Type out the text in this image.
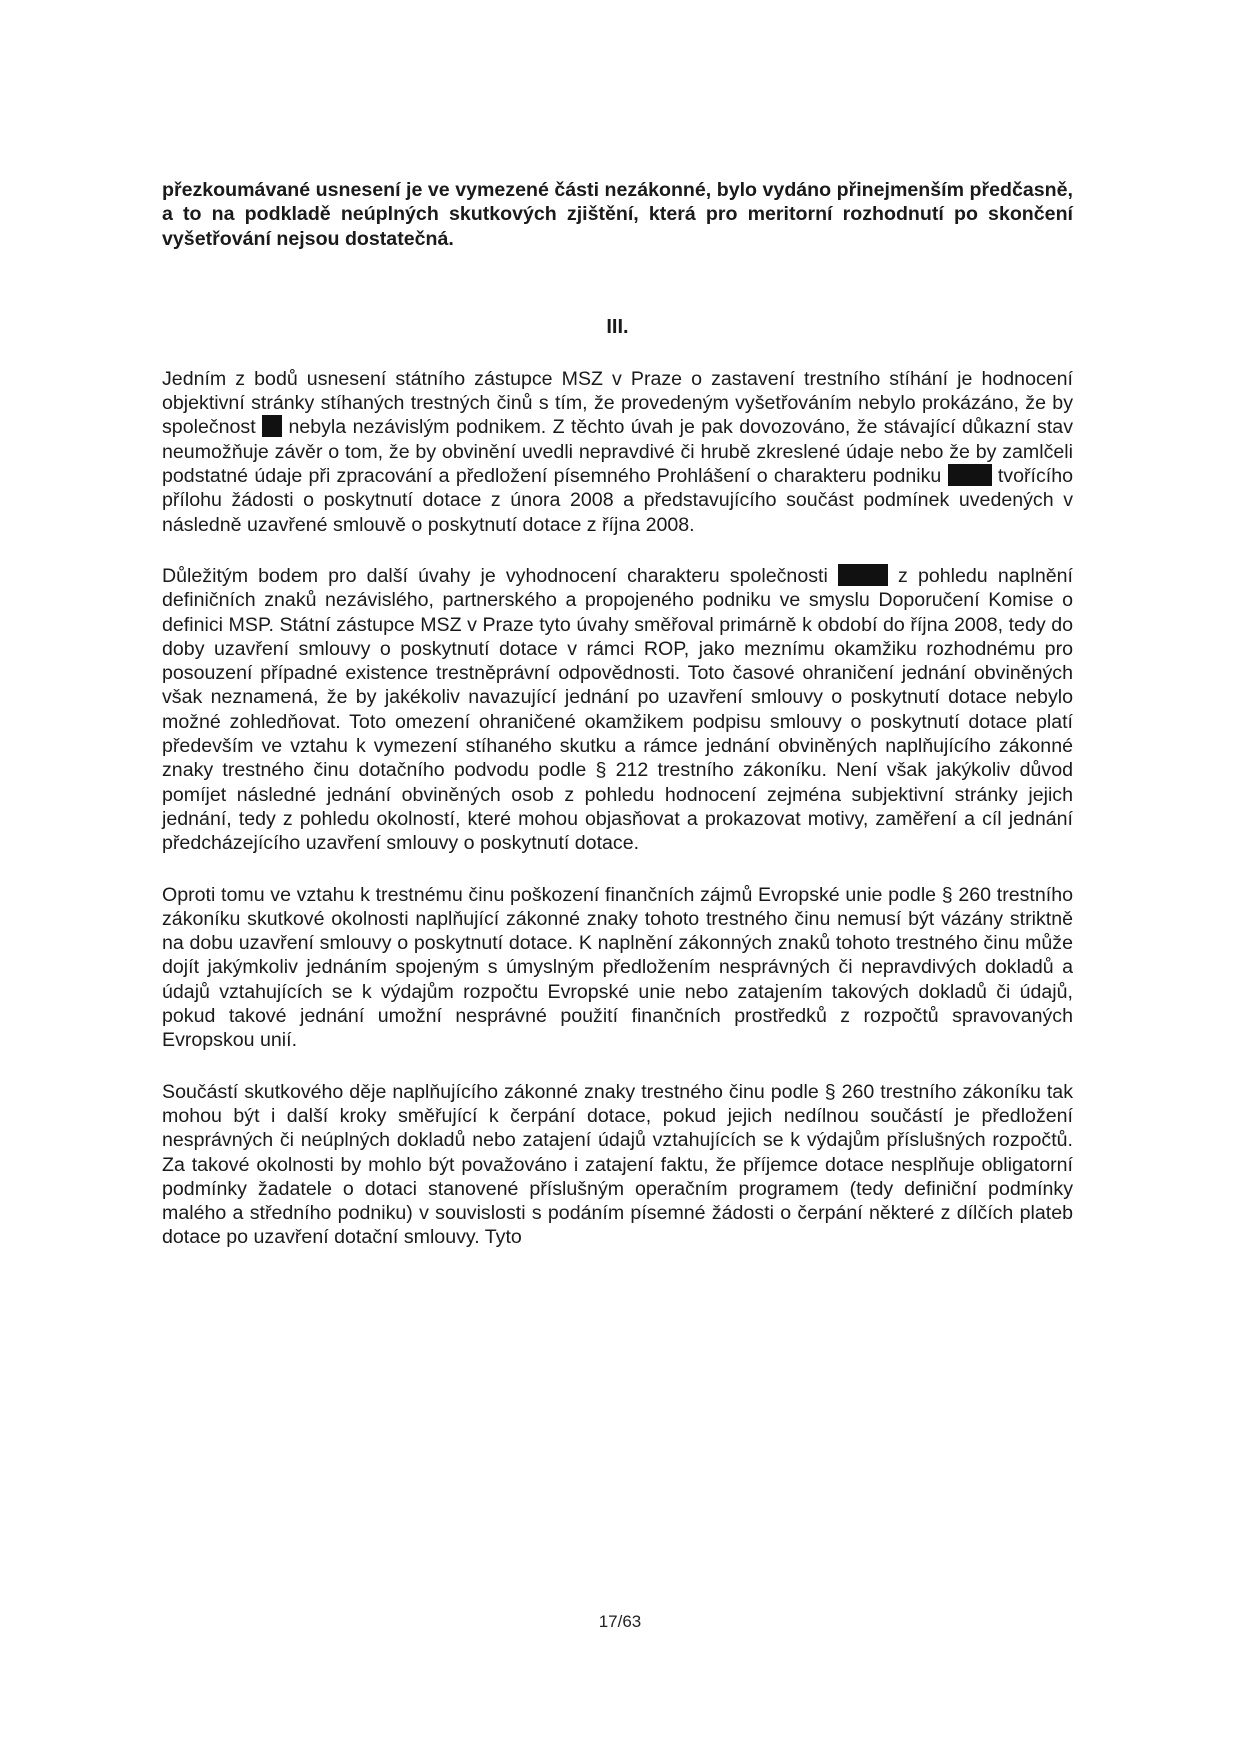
přezkoumávané usnesení je ve vymezené části nezákonné, bylo vydáno přinejmenším předčasně, a to na podkladě neúplných skutkových zjištění, která pro meritorní rozhodnutí po skončení vyšetřování nejsou dostatečná.

III.

Jedním z bodů usnesení státního zástupce MSZ v Praze o zastavení trestního stíhání je hodnocení objektivní stránky stíhaných trestných činů s tím, že provedeným vyšetřováním nebylo prokázáno, že by společnost  nebyla nezávislým podnikem. Z těchto úvah je pak dovozováno, že stávající důkazní stav neumožňuje závěr o tom, že by obvinění uvedli nepravdivé či hrubě zkreslené údaje nebo že by zamlčeli podstatné údaje při zpracování a předložení písemného Prohlášení o charakteru podniku  tvořícího přílohu žádosti o poskytnutí dotace z února 2008 a představujícího součást podmínek uvedených v následně uzavřené smlouvě o poskytnutí dotace z října 2008.

Důležitým bodem pro další úvahy je vyhodnocení charakteru společnosti	z pohledu naplnění definičních znaků nezávislého, partnerského a propojeného podniku ve smyslu Doporučení Komise o definici MSP. Státní zástupce MSZ v Praze tyto úvahy směřoval primárně k období do října 2008, tedy do doby uzavření smlouvy o poskytnutí dotace v rámci ROP, jako meznímu okamžiku rozhodnému pro posouzení případné existence trestněprávní odpovědnosti. Toto časové ohraničení jednání obviněných však neznamená, že by jakékoliv navazující jednání po uzavření smlouvy o poskytnutí dotace nebylo možné zohledňovat. Toto omezení ohraničené okamžikem podpisu smlouvy o poskytnutí dotace platí především ve vztahu k vymezení stíhaného skutku a rámce jednání obviněných naplňujícího zákonné znaky trestného činu dotačního podvodu podle § 212 trestního zákoníku. Není však jakýkoliv důvod pomíjet následné jednání obviněných osob z pohledu hodnocení zejména subjektivní stránky jejich jednání, tedy z pohledu okolností, které mohou objasňovat a prokazovat motivy, zaměření a cíl jednání předcházejícího uzavření smlouvy o poskytnutí dotace.

Oproti tomu ve vztahu k trestnému činu poškození finančních zájmů Evropské unie podle § 260 trestního zákoníku skutkové okolnosti naplňující zákonné znaky tohoto trestného činu nemusí být vázány striktně na dobu uzavření smlouvy o poskytnutí dotace. K naplnění zákonných znaků tohoto trestného činu může dojít jakýmkoliv jednáním spojeným s úmyslným předložením nesprávných či nepravdivých dokladů a údajů vztahujících se k výdajům rozpočtu Evropské unie nebo zatajením takových dokladů či údajů, pokud takové jednání umožní nesprávné použití finančních prostředků z rozpočtů spravovaných Evropskou unií.

Součástí skutkového děje naplňujícího zákonné znaky trestného činu podle § 260 trestního zákoníku tak mohou být i další kroky směřující k čerpání dotace, pokud jejich nedílnou součástí je předložení nesprávných či neúplných dokladů nebo zatajení údajů vztahujících se k výdajům příslušných rozpočtů. Za takové okolnosti by mohlo být považováno i zatajení faktu, že příjemce dotace nesplňuje obligatorní podmínky žadatele o dotaci stanovené příslušným operačním programem (tedy definiční podmínky malého a středního podniku) v souvislosti s podáním písemné žádosti o čerpání některé z dílčích plateb dotace po uzavření dotační smlouvy. Tyto

17/63
